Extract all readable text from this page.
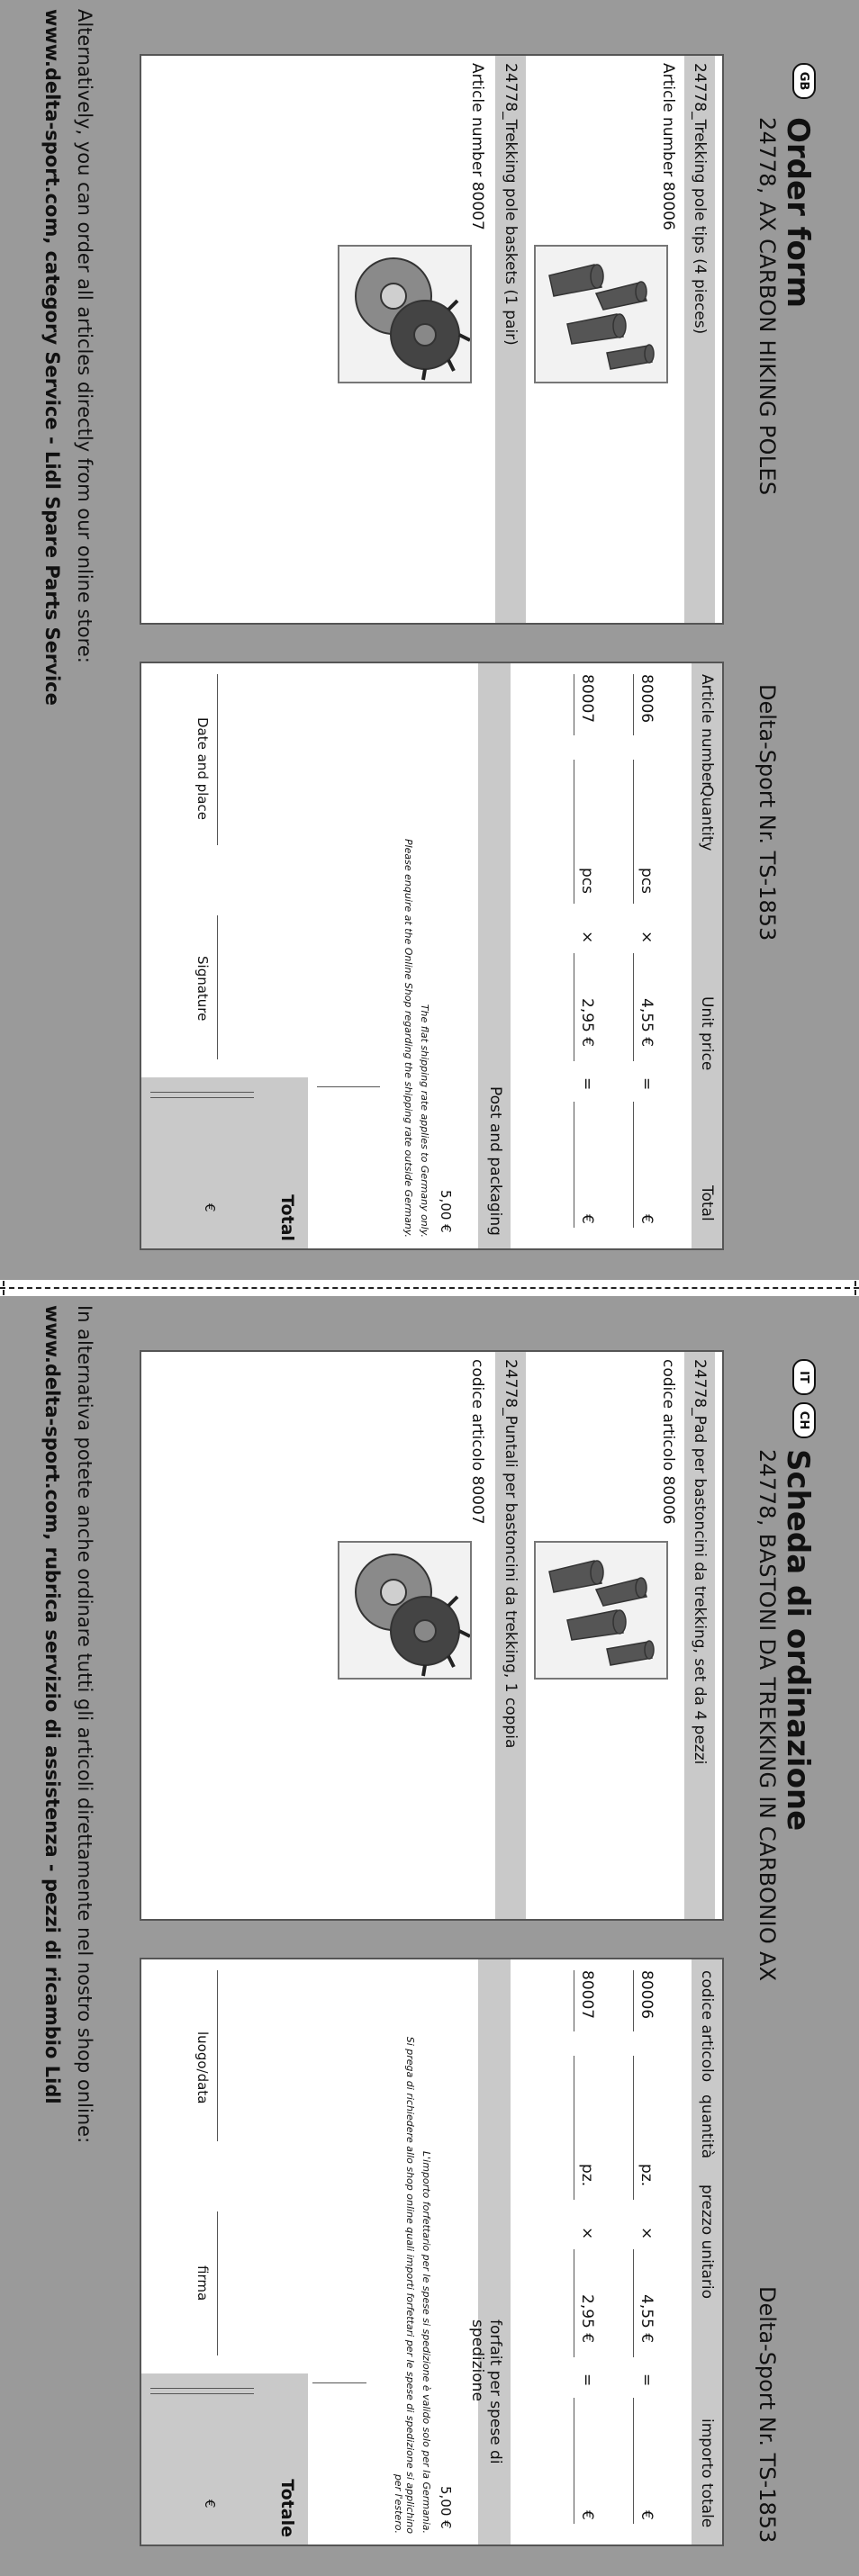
GB
Order form
24778, AX CARBON HIKING POLES
Delta-Sport Nr. TS-1853
24778_Trekking pole tips (4 pieces)
Article number 80006
24778_Trekking pole baskets (1 pair)
Article number 80007
Article number
Quantity
Unit price
Total
80006
pcs
×
4,55 €
=
€
80007
pcs
×
2,95 €
=
€
Post and packaging
5,00 €
The flat shipping rate applies to Germany only.
Please enquire at the Online Shop regarding the shipping rate outside Germany.
Total
€
Date and place
Signature
Alternatively, you can order all articles directly from our online store:
www.delta-sport.com, category Service - Lidl Spare Parts Service
IT
CH
Scheda di ordinazione
24778, BASTONI DA TREKKING IN CARBONIO AX
Delta-Sport Nr. TS-1853
24778_Pad per bastoncini da trekking, set da 4 pezzi
codice articolo 80006
24778_Puntali per bastoncini da trekking, 1 coppia
codice articolo 80007
codice articolo
quantità
prezzo unitario
importo totale
80006
pz.
×
4,55 €
=
€
80007
pz.
×
2,95 €
=
€
forfait per spese di spedizione
5,00 €
L'importo forfettario per le spese si spedizione è valido solo per la Germania.
Si prega di richiedere allo shop online quali importi forfettari per le spese di spedizione si applichino per l'estero.
Totale
€
luogo/data
firma
In alternativa potete anche ordinare tutti gli articoli direttamente nel nostro shop online:
www.delta-sport.com, rubrica servizio di assistenza - pezzi di ricambio Lidl
